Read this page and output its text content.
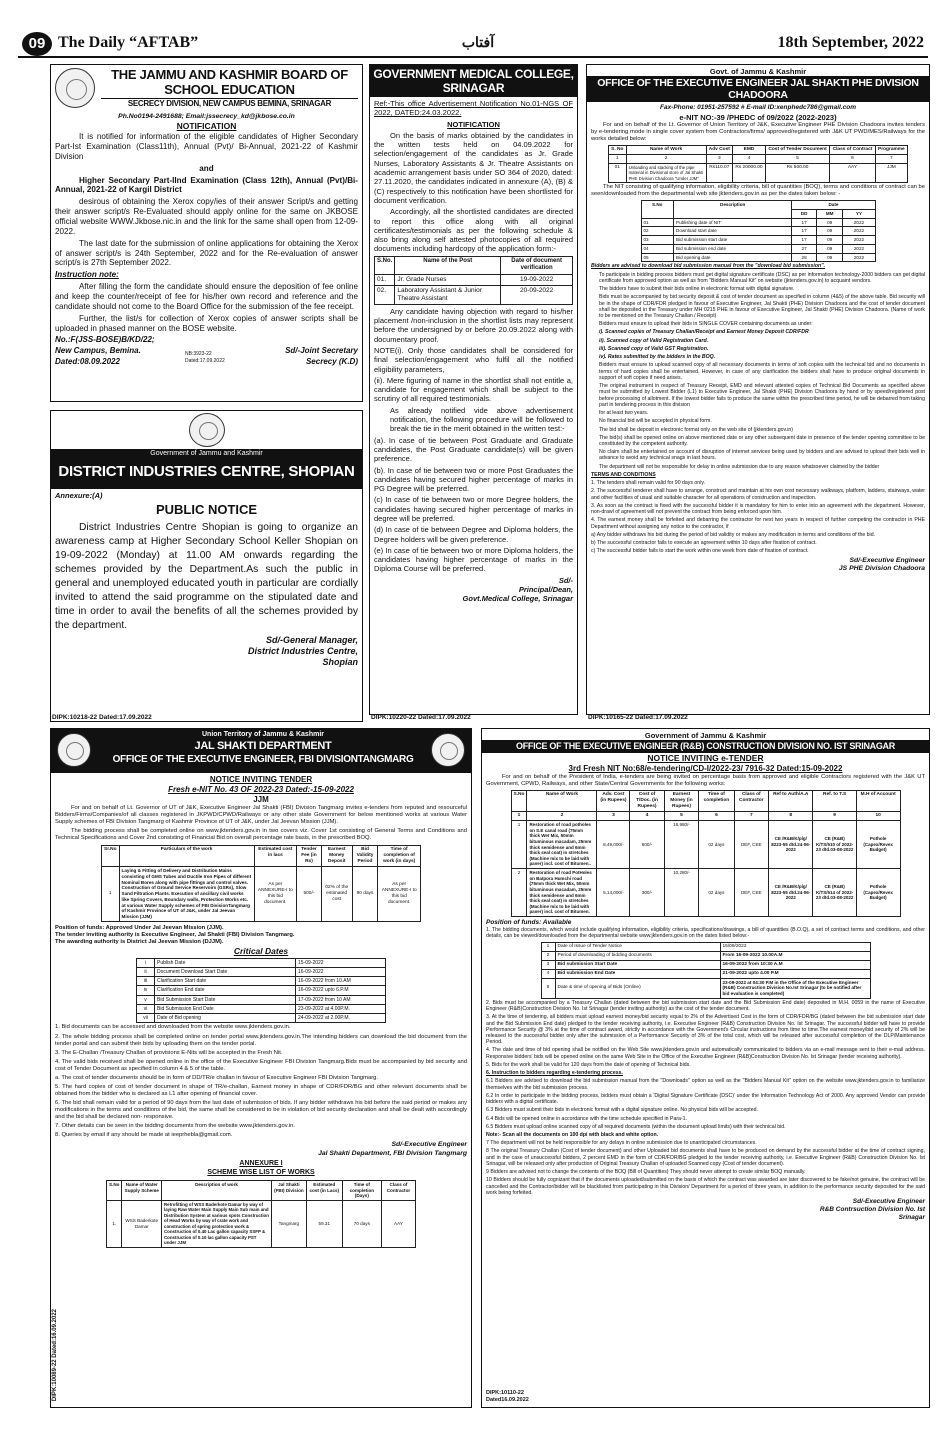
09 The Daily “AFTAB”	آفتاب	18th September, 2022
THE JAMMU AND KASHMIR BOARD OF SCHOOL EDUCATION
SECRECY DIVISION, NEW CAMPUS BEMINA, SRINAGAR
Ph.No0194-2491688; Email:jssecrecy_kd@jkbose.co.in
NOTIFICATION

It is notified for information of the eligible candidates of Higher Secondary Part-Ist Examination (Class11th), Annual (Pvt)/ Bi-Annual, 2021-22 of Kashmir Division

and

Higher Secondary Part-IInd Examination (Class 12th), Annual (Pvt)/Bi-Annual, 2021-22 of Kargil District

desirous of obtaining the Xerox copy/ies of their answer Script/s and getting their answer script/s Re-Evaluated should apply online for the same on JKBOSE official website WWW.Jkbose.nic.in and the link for the same shall open from 12-09-2022.

The last date for the submission of online applications for obtaining the Xerox of answer script/s is 24th September, 2022 and for the Re-evaluation of answer script/s is 27th September 2022.

Instruction note:

After filling the form the candidate should ensure the deposition of fee online and keep the counter/receipt of fee for his/her own record and reference and the candidate should not come to the Board Office for the submission of the fee receipt.

Further, the list/s for collection of Xerox copies of answer scripts shall be uploaded in phased manner on the BOSE website.

No.:F(JSS-BOSE)B/KD/22;
New Campus, Bemina.
Dated:08.09.2022
NB:3923-22
Dated:17.09.2022
Sd/-Joint Secretary
Secrecy (K.D)
Government of Jammu and Kashmir
DISTRICT INDUSTRIES CENTRE, SHOPIAN
Annexure:(A)
PUBLIC NOTICE

District Industries Centre Shopian is going to organize an awareness camp at Higher Secondary School Keller Shopian on 19-09-2022 (Monday) at 11.00 AM onwards regarding the schemes provided by the Department.As such the public in general and unemployed educated youth in particular are cordially invited to attend the said programme on the stipulated date and time in order to avail the benefits of all the schemes provided by the department.

Sd/-General Manager,
District Industries Centre,
Shopian
DIPK:10218-22 Dated:17.09.2022
GOVERNMENT MEDICAL COLLEGE, SRINAGAR

Ref:-This office Advertisement Notification No.01-NGS OF 2022, DATED:24.03.2022.

NOTIFICATION

On the basis of marks obtained by the candidates in the written tests held on 04.09.2022 for selection/engagement of the candidates as Jr. Grade Nurses, Laboratory Assistants & Jr. Theatre Assistants on academic arrangement basis under SO 364 of 2020, dated: 27.11.2020, the candidates indicated in annexure (A), (B) & (C) respectively to this notification have been shortlisted for document verification.

Accordingly, all the shortlisted candidates are directed to report this office along with all original certificates/testimonials as per the following schedule & also bring along self attested photocopies of all required documents including hardcopy of the application form:-

S.No.	Name of the Post	Date of document verification
01.	Jr. Grade Nurses	19-09-2022
02.	Laboratory Assistant & Junior Theatre Assistant	20-09-2022

Any candidate having objection with regard to his/her placement /non-inclusion in the shortlist lists may represent before the undersigned by or before 20.09.2022 along with documentary proof.

NOTE(i). Only those candidates shall be considered for final selection/engagement who fulfil all the notified eligibility parameters,

(ii). Mere figuring of name in the shortlist shall not entitle a, candidate for engagement which shall be subject to the scrutiny of all required testimonials.

As already notified vide above advertisement notification, the following procedure will be followed to break the tie in the merit obtained in the written test:-

(a). In case of tie between Post Graduate and Graduate candidates, the Post Graduate candidate(s) will be given preference.

(b). In case of tie between two or more Post Graduates the candidates having secured higher percentage of marks in PG Degree will be preferred.

(c) In case of tie between two or more Degree holders, the candidates having secured higher percentage of marks in degree will be preferred.

(d) In case of tie between Degree and Diploma holders, the Degree holders will be given preference.

(e) In case of tie between two or more Diploma holders, the candidates having higher percentage of marks in the Diploma Course will be preferred.

Sd/-
Principal/Dean,
Govt.Medical College, Srinagar
DIPK:10220-22 Dated:17.09.2022
Govt. of Jammu & Kashmir
OFFICE OF THE EXECUTIVE ENGINEER JAL SHAKTI PHE DIVISION CHADOORA
Fax-Phone: 01951-257592 # E-mail ID:xenphedc786@gmail.com
e-NIT NO:-39 /PHEDC of 09/2022 (2022-2023)

For and on behalf of the Lt. Governor of Union Territory of J&K, Executive Engineer PHE Division Chadoora invites tenders by e-tendering mode in single cover system from Contractors/firms/ approved/registered with J&K UT PWD/MES/Railways for the works detailed below:

S. No	Name of Work	Adv Cost	EMD	Cost of Tender Document	Class of Contract	Programme
1	2	3	4	5	6	7
01	Unloading and stacking of the pipe material in Divisional store of Jal Shakti PHE Division Chadoora "Under JJM"	Rs110.07	Rs 20000.00	Rs 500.00	AAY	JJM

The NIT consisting of qualifying information, eligibility criteria, bill of quantities (BOQ), terms and conditions of contract can be seen/downloaded from the departmental web site jktenders.gov.in as per the dates taken below: -

S.No	Description	Date		
		DD	MM	YY
01	Publishing date of NIT	17	09	2022
02	Download start date	17	09	2022
03	Bid submission start date	17	09	2022
04	Bid submission end date	27	09	2022
05	Bid opening date	28	09	2022

Bidders are advised to download bid submission manual from the "download bid submission".

To participate in bidding process bidders must get digital signature certificate (DSC) as per information technology-2000 bidders can get digital certificate from approved option as well as from "Bidders Manual Kit" on website (jktenders.gov.in) to acquaint vendors.

The bidders have to submit their bids online in electronic format with digital signature.

Bids must be accompanied by bid security deposit & cost of tender document as specified in column (4&5) of the above table. Bid security will be in the shape of CDR/FDR pledged in favour of Executive Engineer, Jal Shakti (PHE) Division Chadoora and the cost of tender document shall be deposited in the Treasury under MH 0215 PHE in favour of Executive Engineer, Jal Shakti (PHE) Division Chadoora. (Name of work to be mentioned on the Treasury Challan / Receipt)

Bidders must ensure to upload their bids in SINGLE COVER containing documents as under:

i). Scanned copies of Treasury Challan/Receipt and Earnest Money Deposit CDR/FDR

ii). Scanned copy of Valid Registration Card.

iii). Scanned copy of Valid GST Registration.

iv). Rates submitted by the bidders in the BOQ.

Bidders must ensure to upload scanned copy of all necessary documents in terms of soft copies with the technical bid and no documents in terms of hard copies shall be entertained. However, in case of any clarification the bidders shall have to produce original documents in support of soft copies if need arises.

The original instrument in respect of Treasury Receipt, EMD and relevant attested copies of Technical Bid Documents as specified above must be submitted by Lowest Bidder (L1) to Executive Engineer, Jal Shakti (PHE) Division Chadoora by hand or by speed/registered post before processing of allotment. If the lowest bidder fails to produce the same within the prescribed time period, he will be debarred from taking part in tendering process in this division

for at least two years.

No financial bid will be accepted in physical form.

The bid shall be deposit in electronic format only on the web site of (jktenders.gov.in)

The bid(s) shall be opened online on above mentioned date or any other subsequent date in presence of the tender opening committee to be constituted by the competent authority.

No claim shall be entertained on account of disruption of internet services being used by bidders and are advised to upload their bids well in advance to avoid any technical snags in last hours.

The department will not be responsible for delay in online submission due to any reason whatsoever claimed by the bidder

TERMS AND CONDITIONS

1. The tenders shall remain valid for 90 days only.

2. The successful tenderer shall have to arrange, construct and maintain at his own cost necessary walkways, platform, ladders, stairways, water and other facilities of usual and suitable character for all operations of construction and inspection.

3. As soon as the contract is fixed with the successful bidder it is mandatory for him to enter into an agreement with the department. However, non-drawl of agreement will not prevent the contract from being enforced upon him.

4. The earnest money shall be forfeited and debarring the contractor for next two years in respect of further competing the contractor in PHE Department without assigning any notice to the contractor, if

a) Any bidder withdraws his bid during the period of bid validity or makes any modification in terms and conditions of the bid.

b) The successful contractor fails to execute an agreement within 10 days after fixation of contract.

c) The successful bidder fails to start the work within one week from date of fixation of contract.

Sd/-Executive Engineer
JS PHE Division Chadoora
DIPK:10165-22 Dated:17.09.2022
Union Territory of Jammu & Kashmir
JAL SHAKTI DEPARTMENT
OFFICE OF THE EXECUTIVE ENGINEER, FBI DIVISIONTANGMARG
NOTICE INVITING TENDER
Fresh e-NIT No. 43 OF 2022-23 Dated:-15-09-2022
JJM

For and on behalf of Lt. Governor of UT of J&K, Executive Engineer Jal Shakti (FBI) Division Tangmarg invites e-tenders from reputed and resourceful Bidders/Firms/Companies/of all classes registered in JKPWD/CPWD/Railways or any other state Government for below mentioned works at various Water Supply schemes of FBI Division Tangmarg of Kashmir Province of UT of J&K, under Jal Jeevan Mission (JJM).

The bidding process shall be completed online on www.jktenders.gov.in in two covers viz. Cover 1st consisting of General Terms and Conditions and Technical Specifications and Cover 2nd consisting of Financial Bid on overall percentage rate basis, in the prescribed BOQ.

Sr.No	Particulars of the work	Estimated cost in lacs	Tender Fee (in Rs)	Earnest Money Deposit	Bid Validity Period	Time of completion of work (in days)
1	Laying & Fitting of Delivery and Distribution Mains consisting of GMS Tubes and Ductile Iron Pipes of different Nominal Bores along with pipe fittings and control valves. Construction of Ground Service Reservoirs (GSRs), Slow Sand Filtration Plants. Execution of ancillary civil works like Spring Covers, Boundary walls, Protection Works etc. at various Water Supply schemes of FBI DivisionTangmarg of Kashmir Province of UT of J&K, under Jal Jeevan Mission (JJM)	As per ANNEXURE-I to this bid document.	500/-	02% of the estimated cost	90 days	As per ANNEXURE-I to this bid document.
Position of funds: Approved Under Jal Jeevan Mission (JJM).
The tender inviting authority is Executive Engineer, Jal Shakti (FBI) Division Tangmarg.
The awarding authority is District Jal Jeevan Mission (DJJM).
Critical Dates
i	Publish Date	15-09-2022
ii	Document Download Start Date	16-09-2022
iii	Clarification Start date	16-09-2022 from 10.AM
iv	Clarification End date	16-09-2022 upto 6.P.M
v	Bid Submission Start Date	17-09-2022 from 10 AM
vi	Bid Submission End Date	23-09-2022 at 4.00P.M.
vii	Date of Bid opening	24-09-2022 at 2.00P.M.

1. Bid documents can be accessed and downloaded from the website www.jktenders.gov.in.

2. The whole bidding process shall be completed online on tender portal www.jktenders.gov.in.The intending bidders can download the bid document from the tender portal and can submit their bids by uploading them on the tender portal.

3. The E-Challan /Treasury Challan of provisions E-Nits will be accepted in the Fresh Nit.

4. The valid bids received shall be opened online in the office of the Executive Engineer FBI Division Tangmarg.Bids must be accompanied by bid security and cost of Tender Document as specified in column 4 & 5 of the table.

a. The cost of tender documents should be in form of DD/TR/e challan in favour of Executive Engineer FBI Division Tangmarg.

5. The hard copies of cost of tender document in shape of TR/e-challan, Earnest money in shape of CDR/FDR/BG and other relevant documents shall be obtained from the bidder who is declared as L1 after opening of financial cover.

6. The bid shall remain valid for a period of 90 days from the last date of submission of bids. If any bidder withdraws his bid before the said period or makes any modifications in the terms and conditions of the bid, the same shall be considered to be in violation of bid security declaration and shall be dealt with accordingly and the bid shall be declared non- responsive.

7. Other details can be seen in the bidding documents from the website www.jktenders.gov.in.

8. Queries by email if any should be made at ieeprhebla@gmail.com.

Sd/-Executive Engineer
Jal Shakti Department, FBI Division Tangmarg
ANNEXURE I
SCHEME WISE LIST OF WORKS
S.No	Name of Water Supply Scheme	Description of work	Jal Shakti (FBI) Division	Estimated cost (in Lacs)	Time of completion (Days)	Class of Contractor
1.	WSS Baderkote Damar	Retrofitting of WSS Baderkote Damar by way of laying Raw Water Main Supply Main Sub main and Distribution System at various spots Construction of Head Works by way of crate work and construction of spring protection work & Construction of 0.40 Lac gallon capacity SSFP & Construction of 0.10 lac gallon capacity PST under JJM	Tangmarg	59.31	70 days	AAY
DIPK:10089-22 Dated:16.09.2022
Government of Jammu & Kashmir
OFFICE OF THE EXECUTIVE ENGINEER (R&B) CONSTRUCTION DIVISION NO. IST SRINAGAR
NOTICE INVITING e-TENDER
3rd Fresh NIT No:68/e-tendering/CD-I/2022-23/ 7916-32 Dated:15-09-2022

For and on behalf of the President of India, e-tenders are being invited on percentage basis from approved and eligible Contractors registered with the J&K UT Government, CPWD, Railways, and other State/Central Governments for the following works:

S.No	Name of Work	Adv. Cost (in Rupees)	Cost of T/Doc. (in Rupees)	Earnest Money (in Rupees)	Time of completion	Class of Contractor	Ref to Auth/A.A	Ref. to T.S	M.H of Account
1	2	3	4	5	6	7	8	9	10
1	Restoration of road potholes on S.E canal road (75mm thick Wet Mix, 50mm bituminous macadam, 25mm thick semidense and 6mm thick seal coat) in stretches (Machine mix to be laid with paver) incl. cost of Bitumen..	8,49,000/-	600/-	16,980/-	02 days	DEF, CEE	CE /R&B/K/plg/ 8223-55 dtd.24-06-2022	CE (R&B) K/TS/510 of 2022-23 dtd.03-08-2022	Pothole (Capex/Revex Budget)
2	Restoration of road PotHoles on Batpora Humchi road (75mm thick Wet Mix, 50mm bituminous macadam, 25mm thick semidense and 6mm thick seal coat) in stretches (Machine mix to be laid with paver) incl. cost of Bitumen.	5,14,000/-	300/-	10,280/-	02 days	DEF, CEE	CE /R&B/K/plg/ 8223-55 dtd.24-06-2022	CE (R&B) K/TS/514 of 2022-23 dtd.03-08-2022	Pothole (Capex/Revex Budget)
Position of funds: Available

1. The bidding documents, which would include qualifying information, eligibility criteria, specifications/drawings, a bill of quantities (B.O.Q), a set of contract terms and conditions, and other details, can be viewed/downloaded from the departmental website www.jktenders.gov.in on the dates listed below:-

1	Date of Issue of Tender Notice	15/09/2022
2	Period of downloading of bidding documents	From 16-09-2022 10.00A.M
3	Bid submission Start Date	16-09-2022 from 10:30 A.M
4	Bid submission End Date	21-09-2022 upto 4.00 P.M
5	Date & time of opening of Bids (Online)	23-09-2022 at 04:30 P.M in the Office of the Executive Engineer (R&B) Construction Division No.Ist Srinagar (to be notified after bid evaluation is completed)

2. Bids must be accompanied by a Treasury Challan (dated between the bid submission start date and the Bid Submission End date) deposited in M.H. 0059 in the name of Executive Engineer (R&B)Construction Division No. Ist Srinagar (tender inviting authority) as the cost of the tender document.

3. At the time of tendering, all bidders must upload earnest money/bid security equal to 2% of the Advertised Cost in the form of CDR/FDR/BG (dated between the bid submission start date and the Bid Submission End date) pledged to the tender receiving authority, i.e. Executive Engineer (R&B) Construction Division No. Ist Srinagar. The successful bidder will have to provide Performance Security @ 3% at the time of contract award, strictly in accordance with the Government's Circular instructions from time to time.The earnest money/bid security of 2% will be released to the successful bidder only after the submission of a Performance Security of 3% of the total cost, which will be released after successful completion of the DLP/Maintenance Period.

4. The date and time of bid opening shall be notified on the Web Site www.jktenders.gov.in and automatically communicated to bidders via an e-mail message sent to their e-mail address. Responsive bidders' bids will be opened online on the same Web Site in the Office of the Executive Engineer (R&B)Construction Division No. Ist Srinagar (tender receiving authority).

5. Bids for the work shall be valid for 120 days from the date of opening of Technical bids.

6. Instruction to bidders regarding e-tendering process.

6.1 Bidders are advised to download the bid submission manual from the "Downloads" option as well as the "Bidders Manual Kit" option on the website www.jktenders.gov.in to familiarize themselves with the bid submission process.

6.2 In order to participate in the bidding process, bidders must obtain a 'Digital Signature Certificate (DSC)' under the Information Technology Act of 2000. Any approved Vendor can provide bidders with a digital certificate.

6.3 Bidders must submit their bids in electronic format with a digital signature online. No physical bids will be accepted.

6.4 Bids will be opened online in accordance with the time schedule specified in Para-1.

6.5 Bidders must upload online scanned copy of all required documents (within the document upload limits) with their technical bid.

Note:- Scan all the documents on 100 dpi with black and white option.

7 The department will not be held responsible for any delays in online submission due to unanticipated circumstances.

8 The original Treasury Challan (Cost of tender document) and other Uploaded bid documents shall have to be produced on demand by the successful bidder at the time of contract signing, and in the case of unsuccessful bidders, 2 percent EMD in the form of CDR/FDR/BG pledged to the tender receiving authority, i.e. Executive Engineer (R&B) Construction Division No. Ist Srinagar, will be released only after production of Original Treasury Challan of uploaded Scanned copy (Cost of tender document).

9 Bidders are advised not to change the contents of the BOQ (Bill of Quantities) They should never attempt to create similar BOQ manually.

10 Bidders should be fully cognizant that if the documents uploaded/submitted on the basis of which the contract was awarded are later discovered to be fake/not genuine, the contract will be cancelled and the Contractor/bidder will be blacklisted from participating in this Division/ Department for a period of three years, in addition to the performance security deposited for the said work being forfeited.

Sd/-Executive Engineer
R&B Contrsuction Division No. Ist
Srinagar
DIPK:10110-22
Dated16.09.2022
